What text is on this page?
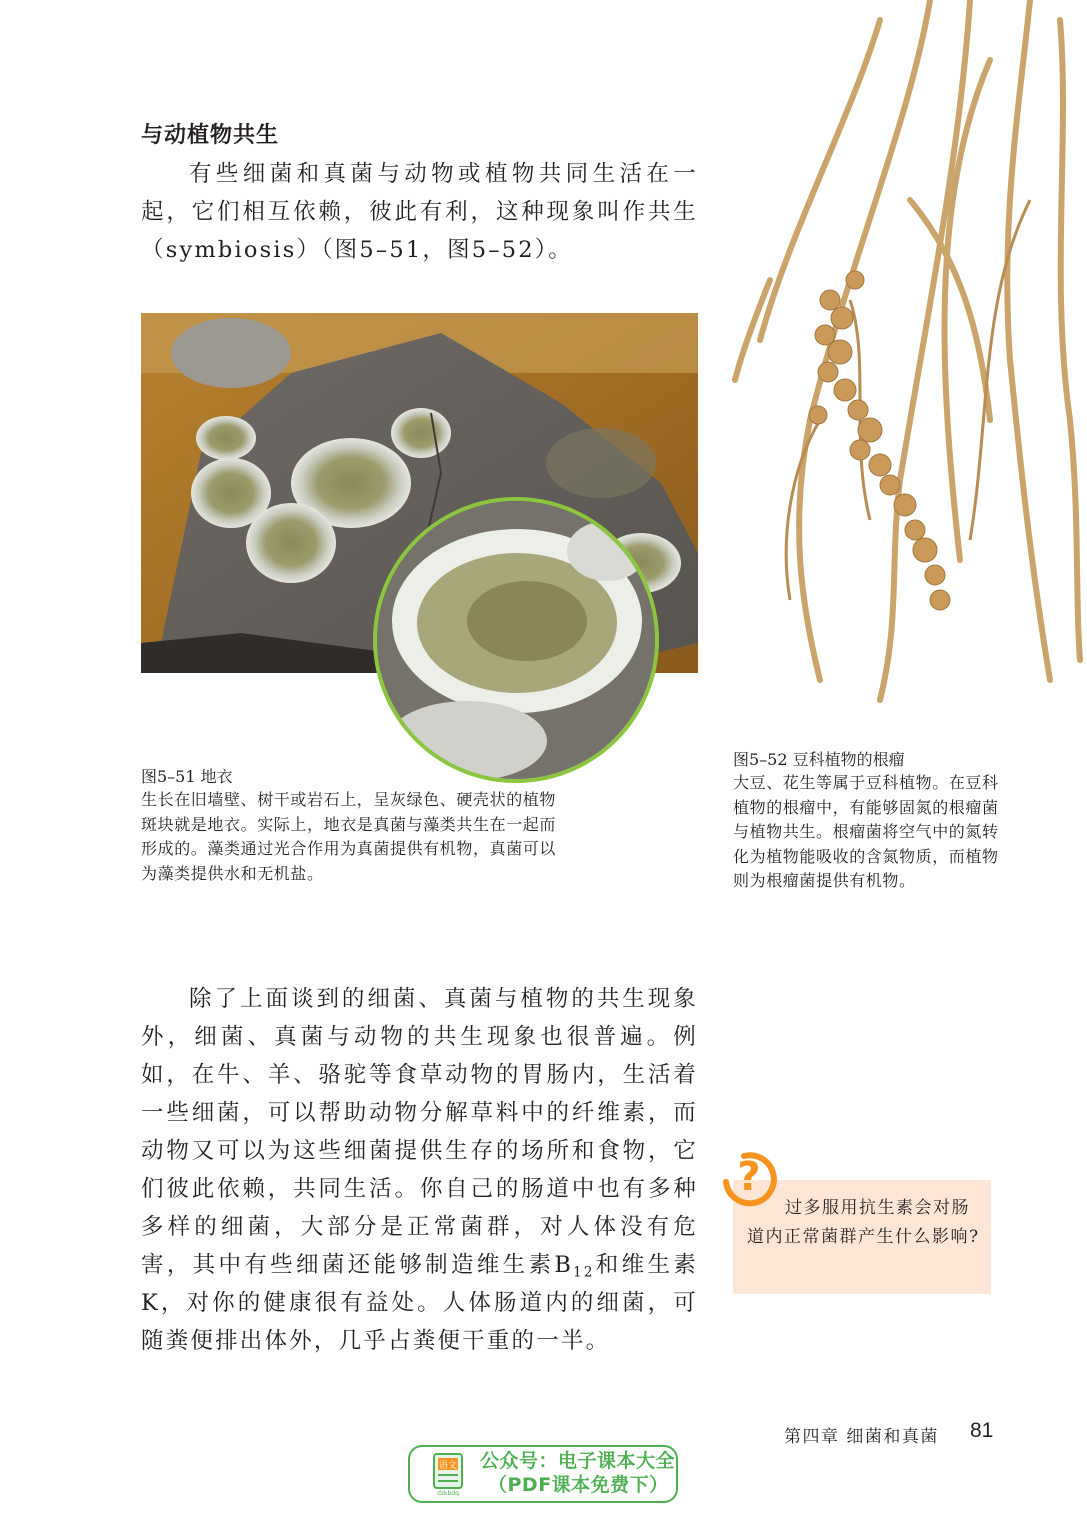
与动植物共生
有些细菌和真菌与动物或植物共同生活在一起，它们相互依赖，彼此有利，这种现象叫作共生（symbiosis）（图5–51，图5–52）。
图5–51 地衣
生长在旧墙壁、树干或岩石上，呈灰绿色、硬壳状的植物斑块就是地衣。实际上，地衣是真菌与藻类共生在一起而形成的。藻类通过光合作用为真菌提供有机物，真菌可以为藻类提供水和无机盐。
图5–52 豆科植物的根瘤
大豆、花生等属于豆科植物。在豆科植物的根瘤中，有能够固氮的根瘤菌与植物共生。根瘤菌将空气中的氮转化为植物能吸收的含氮物质，而植物则为根瘤菌提供有机物。
除了上面谈到的细菌、真菌与植物的共生现象外，细菌、真菌与动物的共生现象也很普遍。例如，在牛、羊、骆驼等食草动物的胃肠内，生活着一些细菌，可以帮助动物分解草料中的纤维素，而动物又可以为这些细菌提供生存的场所和食物，它们彼此依赖，共同生活。你自己的肠道中也有多种多样的细菌，大部分是正常菌群，对人体没有危害，其中有些细菌还能够制造维生素$B_{12}$和维生素K，对你的健康很有益处。人体肠道内的细菌，可随粪便排出体外，几乎占粪便干重的一半。
过多服用抗生素会对肠道内正常菌群产生什么影响?
?
第四章 细菌和真菌 81
语文
dzkbdq
公众号：电子课本大全
（PDF课本免费下）
